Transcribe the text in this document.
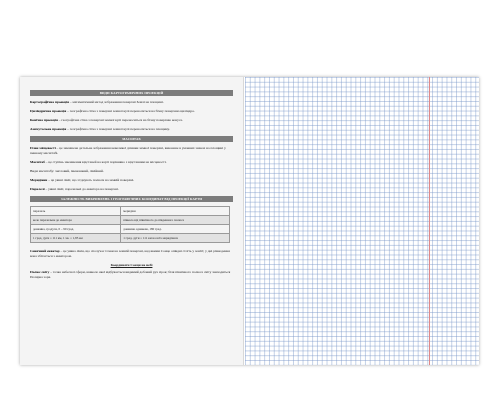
ВИДИ КАРТОГРАФІЧНИХ ПРОЕКЦІЙ

Картографічна проекція – математичний метод зображення поверхні Землі на площині.

Циліндрична проекція – географічна сітка з поверхні земної кулі переноситься на бічну поверхню циліндра.

Конічна проекція – географічна сітка з поверхні земної кулі переноситься на бічну поверхню конуса.

Азимутальна проекція – географічна сітка з поверхні земної кулі переноситься на площину.

МАСШТАБ

План місцевості – це зменшене детальне зображення невеликої ділянки земної поверхні, виконане в умовних знаках на площині у певному масштабі.

Масштаб – це ступінь зменшення відстаней на карті порівняно з відстанями на місцевості.

Види масштабу: числовий, іменований, лінійний.

Меридіани – це уявні лінії, що з'єднують полюси на земній поверхні.

Паралелі – уявні лінії, паралельні до екватора на поверхні.

ЗАЛЕЖНІСТЬ ВИКРИВЛЕНЬ І ГЕОГРАФІЧНИХ КООРДИНАТ ВІД ПРОЕКЦІЇ КАРТИ
паралель	меридіан
коло паралельне до екватора	півколо від північного до південного полюса
довжина, градуси, 0 – 90 град.	довжина однакова, 180 град.
1 град. дуги = 111 км, 1 хв. = 1,85 км	1 град. дуги = 111 км на всіх меридіанах

Сонячний екватор – це уявна лінія, що сполучає точки на земній поверхні, над якими Сонце опівдні стоїть у зеніті; у дні рівнодення вона збігається з екватором.

Координати Сонця на небі

Полюс світу – точка небесної сфери, навколо якої відбувається видимий добовий рух зірок; біля північного полюса світу знаходиться Полярна зоря.
